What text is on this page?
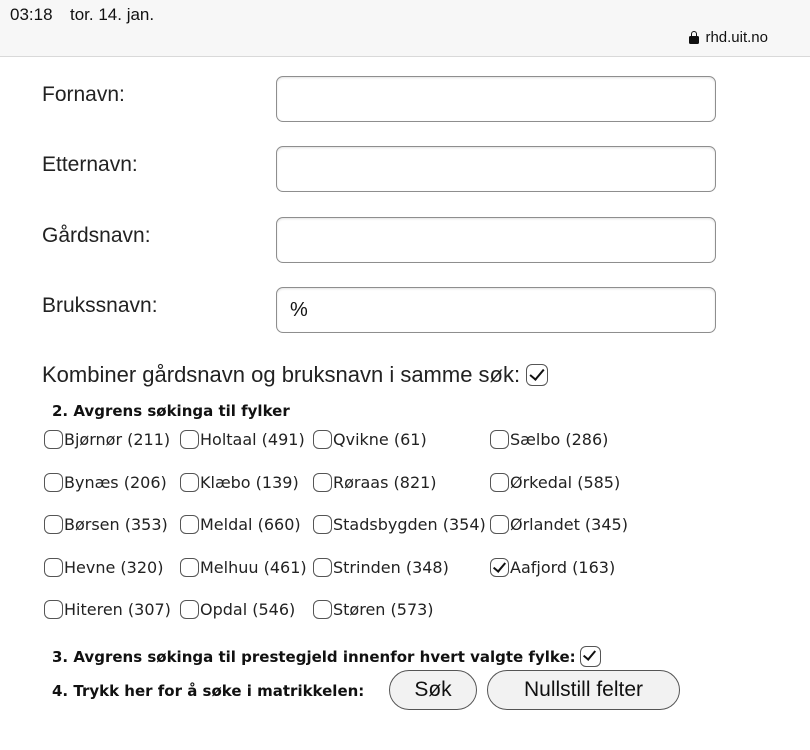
03:18 tor. 14. jan.
rhd.uit.no
Fornavn:
Etternavn:
Gårdsnavn:
Brukssnavn:
%
Kombiner gårdsnavn og bruksnavn i samme søk:
2. Avgrens søkinga til fylker
Bjørnør (211) Holtaal (491) Qvikne (61)	Sælbo (286)
Bynæs (206) Klæbo (139) Røraas (821)	Ørkedal (585)
Børsen (353) Meldal (660) Stadsbygden (354) Ørlandet (345)
Hevne (320) Melhuu (461) Strinden (348)	Aafjord (163)
Hiteren (307) Opdal (546) Støren (573)
3. Avgrens søkinga til prestegjeld innenfor hvert valgte fylke:
4. Trykk her for å søke i matrikkelen:	Søk	Nullstill felter
